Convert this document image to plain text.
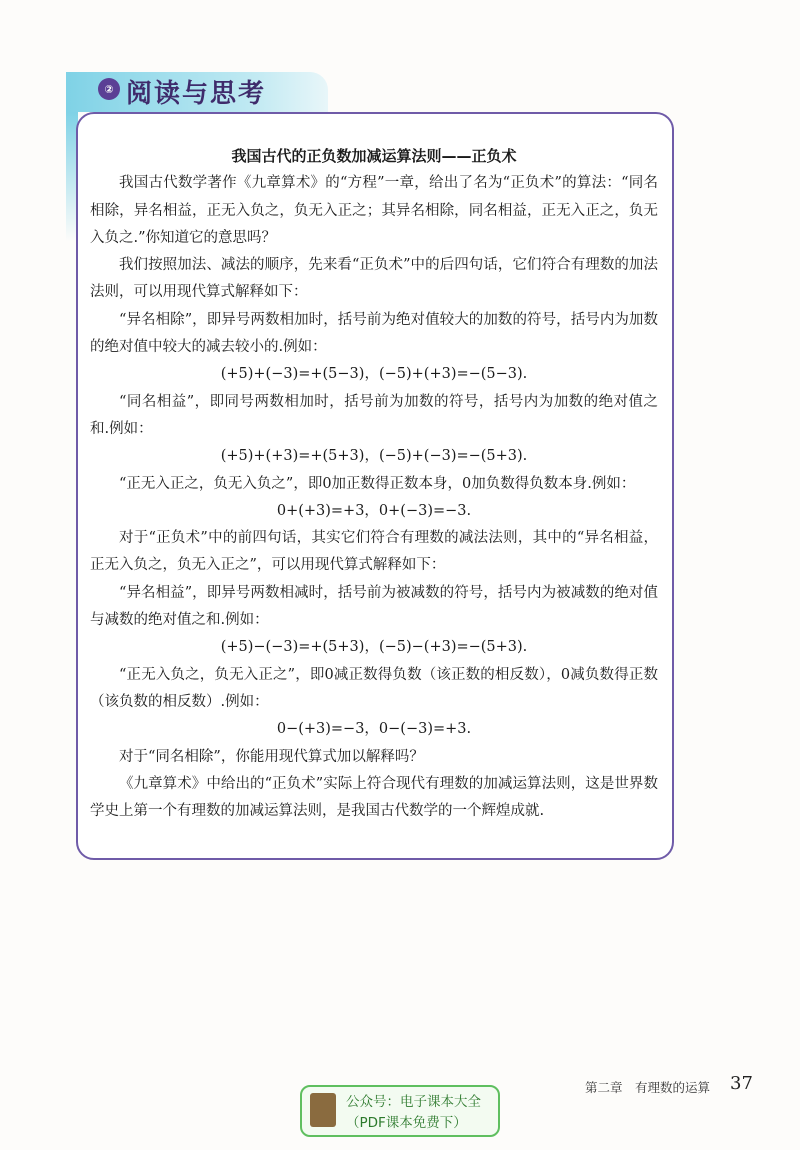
② 阅读与思考

我国古代的正负数加减运算法则——正负术

我国古代数学著作《九章算术》的“方程”一章，给出了名为“正负术”的算法：“同名相除，异名相益，正无入负之，负无入正之；其异名相除，同名相益，正无入正之，负无入负之.”你知道它的意思吗？

我们按照加法、减法的顺序，先来看“正负术”中的后四句话，它们符合有理数的加法法则，可以用现代算式解释如下：

“异名相除”，即异号两数相加时，括号前为绝对值较大的加数的符号，括号内为加数的绝对值中较大的减去较小的.例如：

(+5)+(−3)=+(5−3)，(−5)+(+3)=−(5−3).

“同名相益”，即同号两数相加时，括号前为加数的符号，括号内为加数的绝对值之和.例如：

(+5)+(+3)=+(5+3)，(−5)+(−3)=−(5+3).

“正无入正之，负无入负之”，即0加正数得正数本身，0加负数得负数本身.例如：

0+(+3)=+3，0+(−3)=−3.

对于“正负术”中的前四句话，其实它们符合有理数的减法法则，其中的“异名相益，正无入负之，负无入正之”，可以用现代算式解释如下：

“异名相益”，即异号两数相减时，括号前为被减数的符号，括号内为被减数的绝对值与减数的绝对值之和.例如：

(+5)−(−3)=+(5+3)，(−5)−(+3)=−(5+3).

“正无入负之，负无入正之”，即0减正数得负数（该正数的相反数），0减负数得正数（该负数的相反数）.例如：

0−(+3)=−3，0−(−3)=+3.

对于“同名相除”，你能用现代算式加以解释吗？

《九章算术》中给出的“正负术”实际上符合现代有理数的加减运算法则，这是世界数学史上第一个有理数的加减运算法则，是我国古代数学的一个辉煌成就.

第二章　有理数的运算 37
公众号：电子课本大全
（PDF课本免费下）
